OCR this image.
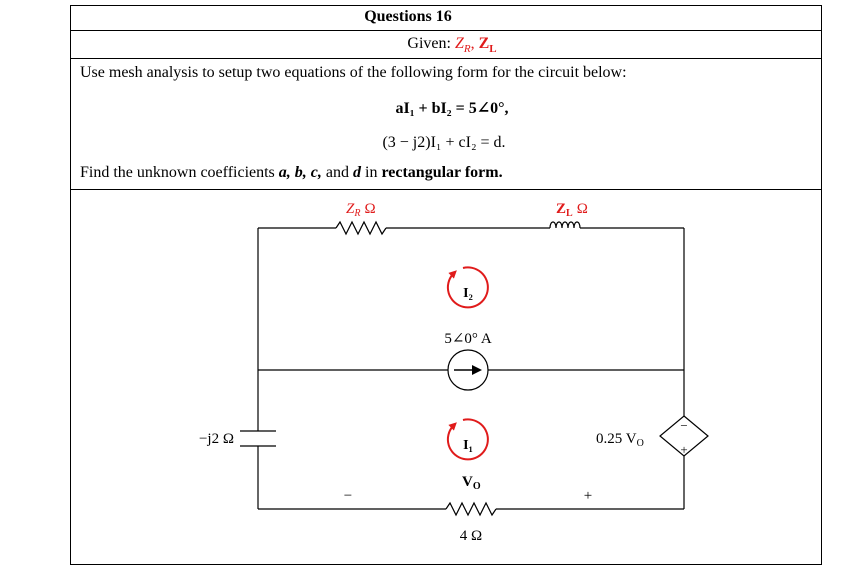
Questions 16
Given: $Z_R$, $Z_L$
Use mesh analysis to setup two equations of the following form for the circuit below:
aI₁ + bI₂ = 5∠0°,
(3 − j2)I₁ + cI₂ = d.
Find the unknown coefficients a, b, c, and d in rectangular form.
$Z_R$ Ω	$Z_L$ Ω
I₂
I₁
5∠0° A
−j2 Ω	0.25 $V_O$
−
+
$V_O$
−	+
4 Ω
